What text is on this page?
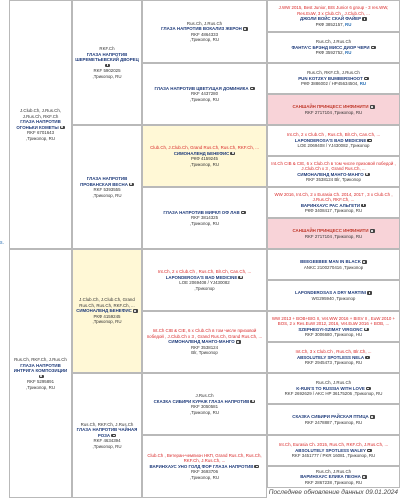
s.
J.Club.Ch, J.Rus.Ch, J.Rus.Ch, RKF.Ch
ГЛАЗА НАПРОТИВ ОГОНЬКИ КОМЕТЫ
RKF 6701643
,Трикопор, RU
Rus.Ch, RKF.Ch, J.Rus.Ch
ГЛАЗА НАПРОТИВ ИНТРИГА КОМПОЗИЦИИ
RKF 5295891
,Трикопор, RU
RKF.Ch
ГЛАЗА НАПРОТИВ ШЕРЕМЕТЬЕВСКИЙ ДВОРЕЦ
RKF 5902025
,Трикопор, RU
ГЛАЗА НАПРОТИВ ПРОВАНСКАЯ ВЕСНА
RKF 5393555
,Трикопор, RU
J.Club.Ch, J.Club.Ch, Grand Rus.Ch, Rus.Ch, RKF.Ch, ...
СИМОНАЛЕНД БЕНЕФИС
РКФ 4159245
,Трикопор, RU
Rus.Ch, RKF.Ch, J.Rus.Ch
ГЛАЗА НАПРОТИВ ЧАЙНАЯ РОЗА
RKF 4634394
,Трикопор, RU
Rus.Ch, J.Rus.Ch
ГЛАЗА НАПРОТИВ ВОКАЛИЗ ЖЕРОН
RKF 4864333
,Трикопор, RU
ГЛАЗА НАПРОТИВ ЦВЕТУЩАЯ ДОМИНИКА
RKF 4437280
,Трикопор, RU
Club.Ch, J.Club.Ch, Grand Rus.Ch, Rus.Ch, RKF.Ch, ...
СИМОНАЛЕНД БЕНЕФИС
РКФ 4159245
,Трикопор, RU
ГЛАЗА НАПРОТИВ МИРКЛ ОФ ЛАВ
RKF 3814325
,Трикопор, RU
Int.Ch, 2 x Club.Ch , Rus.Ch, Blr.Ch, Can.Ch, ...
LAPONDEROSA'S BAD MEDICINE
LOE 2069408 / YJ430082
,Трикопор
Int.Ch CIB & CIE, 6 x Club.Ch в том числе призовой победой , J.Club.Ch x 3 , Grand Rus.Ch, Grand Rus.Ch, ...
СИМОНАЛЕНД МАНГО-МАНГО
RKF 3538124
Blr, Трикопор
J.Rus.Ch
СКАЗКА СИБИРИ КУРАЖ ГЛАЗА НАПРОТИВ
RKF 3050581
,Трикопор, RU
Club.Ch , Ветеран-чемпион НКП, Grand Rus.Ch, Rus.Ch, RKF.Ch, J.Rus.Ch, ...
ВАРИНХАУС УНО ГОЛД ФОР ГЛАЗА НАПРОТИВ
RKF 3693706
,Трикопор, RU
J.WW 2015, Best Junior, BIS Junior 6 group - 3 res.WW, Res.EuW, 3 x Club.Ch , J.Club.Ch, ...
ДЖОЛИ ВОЙС СКАЙ ФАЙЕР
РКФ 3852157, RU
Rus.Ch, J.Rus.Ch
ФАНТА'С БРЭНД МИСС ДИОР ЧЕРИ
РКФ 3592752, RU
Rus.Ch, RKF.Ch, J.Rus.Ch
PUN KOTZKY BUMBERSHOOT
РКФ 3886002 / НР45634504, RU
САНШАЙН ПРИНЦЕСС ИНФИНИТИ
RKF 2717104 ,Трикопор, RU
Int.Ch, 2 x Club.Ch , Rus.Ch, Blr.Ch, Can.Ch, ...
LAPONDEROSA'S BAD MEDICINE
LOE 2069408 / YJ430082 ,Трикопор
Int.Ch CIB & CIE, 6 x Club.Ch в том числе призовой победой , J.Club.Ch x 3 , Grand Rus.Ch, ...
СИМОНАЛЕНД МАНГО-МАНГО
RKF 3538124 Blr, Трикопор
WW 2016, Int.Ch, 2 x Eurasia Ch. 2014, 2017 , 3 x Club.Ch , J.Rus.Ch, RKF.Ch, ...
ВАРИНХАУС РАС АЛЬГЕТИ
РКФ 3408417 ,Трикопор, RU
САНШАЙН ПРИНЦЕСС ИНФИНИТИ
RKF 2717104 ,Трикопор, RU
BEEGEEBEE MAN IN BLACK
ANKC 2100270416 ,Трикопор
LAPONDEROSAS A DRY MARTINI
WG295940 ,Трикопор
WW 2013 + BOB+BIG II, Vet.WW 2016 + BISV II , EuW 2010 + BOS, 2 x Res.EuW 2012, 2016, Vet.EuW 2016 + BOB, ...
SZEPHEGYI-SZIMAT VIRGONC
RKF 3006680 ,Трикопор, HU
Int.Ch, 3 x Club.Ch , Rus.Ch, Blr.Ch, ...
ABSOLUTELY SPOTLESS NELA
RKF 2945473 ,Трикопор, RU
Rus.Ch, J.Rus.Ch
K-RUN'S TO RUSSIA WITH LOVE
RKF 2692629 / AKC HP 36175206 ,Трикопор, RU
СКАЗКА СИБИРИ РАЙСКАЯ ПТИЦА
RKF 2478887 ,Трикопор, RU
Int.Ch, Eurasia Ch. 2015, Rus.Ch, RKF.Ch, J.Rus.Ch, ...
ABSOLUTELY SPOTLESS WALEY
RKF 3451777 / PKR 16081 ,Трикопор, RU
Rus.Ch, J.Rus.Ch
ВАРИНХАУС ЕЛИКА ПЕОНА
RKF 2867238 ,Трикопор, RU
Последнее обновление данных 09.01.2024
